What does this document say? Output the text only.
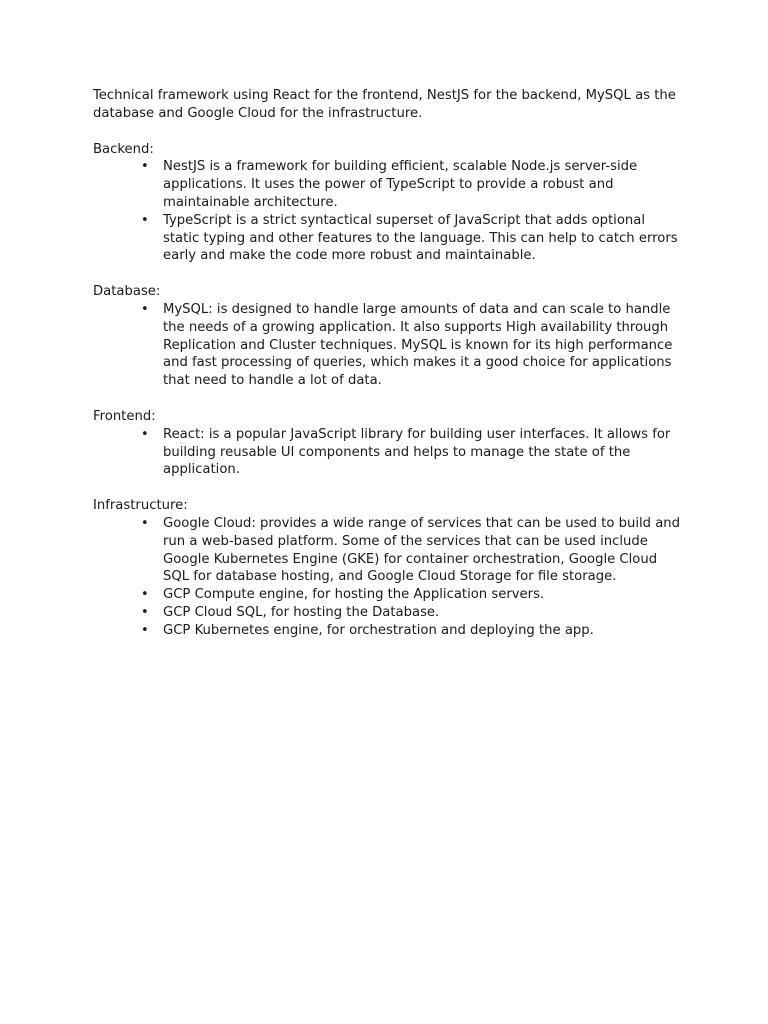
Technical framework using React for the frontend, NestJS for the backend, MySQL as the database and Google Cloud for the infrastructure.

Backend:

• NestJS is a framework for building efficient, scalable Node.js server-side applications. It uses the power of TypeScript to provide a robust and maintainable architecture.
• TypeScript is a strict syntactical superset of JavaScript that adds optional static typing and other features to the language. This can help to catch errors early and make the code more robust and maintainable.

Database:

• MySQL: is designed to handle large amounts of data and can scale to handle the needs of a growing application. It also supports High availability through Replication and Cluster techniques. MySQL is known for its high performance and fast processing of queries, which makes it a good choice for applications that need to handle a lot of data.

Frontend:

• React: is a popular JavaScript library for building user interfaces. It allows for building reusable UI components and helps to manage the state of the application.

Infrastructure:

• Google Cloud: provides a wide range of services that can be used to build and run a web-based platform. Some of the services that can be used include Google Kubernetes Engine (GKE) for container orchestration, Google Cloud SQL for database hosting, and Google Cloud Storage for file storage.
• GCP Compute engine, for hosting the Application servers.
• GCP Cloud SQL, for hosting the Database.
• GCP Kubernetes engine, for orchestration and deploying the app.
